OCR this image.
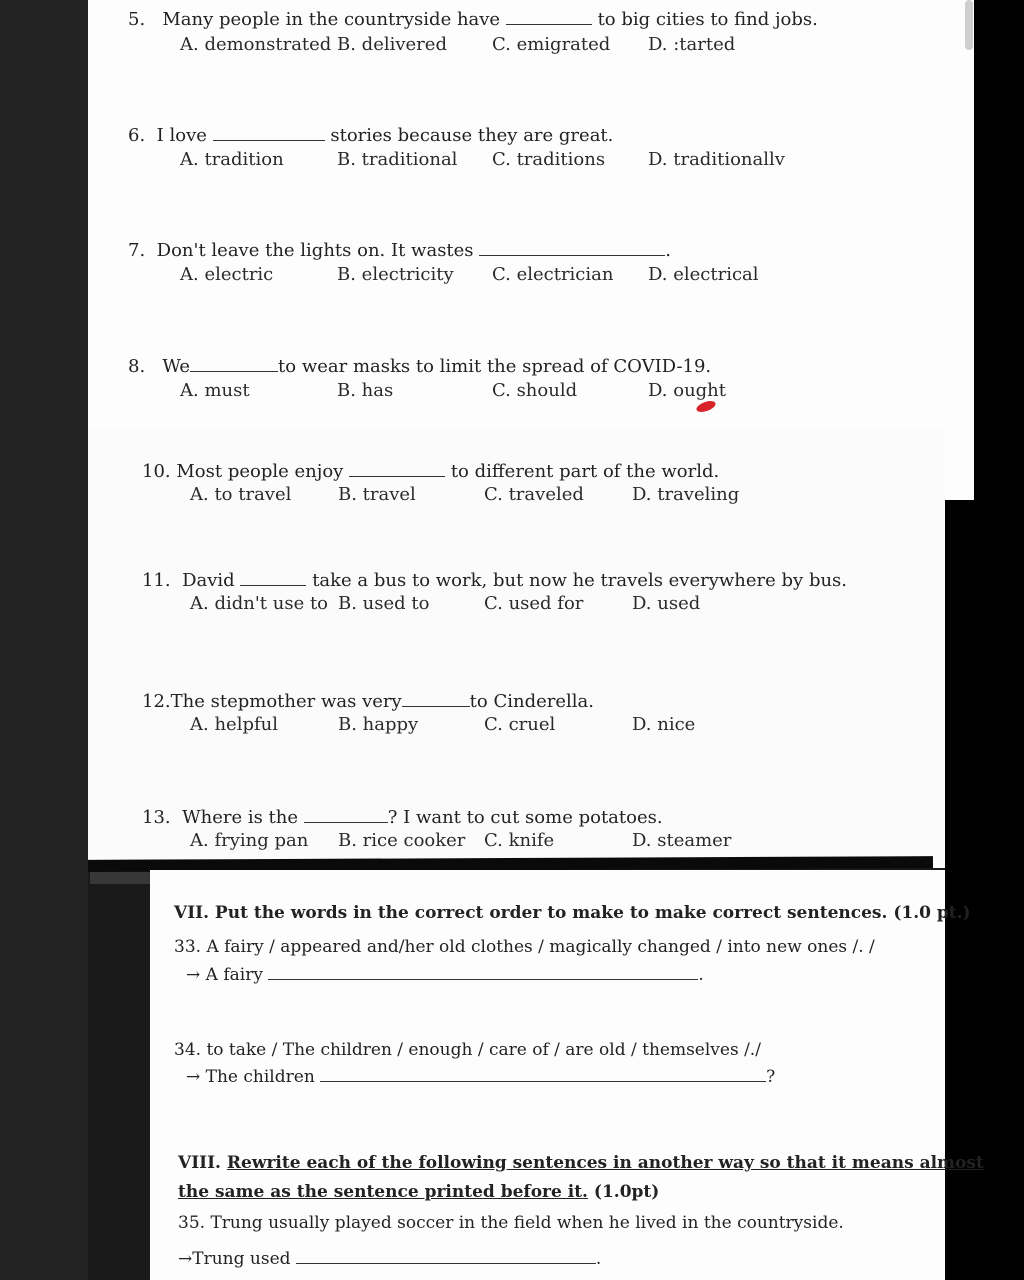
5. Many people in the countryside have	to big cities to find jobs.
A. demonstrated B. delivered	C. emigrated D. :tarted
6. I love	stories because they are great.
A. tradition	B. traditional C. traditions D. traditionallv
7. Don't leave the lights on. It wastes	.
A. electric	B. electricity C. electrician D. electrical
8. We	to wear masks to limit the spread of COVID-19.
A. must	B. has	C. should	D. ought
10. Most people enjoy	to different part of the world.
A. to travel	B. travel	C. traveled	D. traveling
11. David	take a bus to work, but now he travels everywhere by bus.
A. didn't use to B. used to	C. used for	D. used
12.The stepmother was very	to Cinderella.
A. helpful	B. happy	C. cruel	D. nice
13. Where is the	? I want to cut some potatoes.
A. frying pan B. rice cooker C. knife	D. steamer
VII. Put the words in the correct order to make to make correct sentences. (1.0 pt.)
33. A fairy / appeared and/her old clothes / magically changed / into new ones /. /
→ A fairy	.
34. to take / The children / enough / care of / are old / themselves /./
→ The children	?
VIII. Rewrite each of the following sentences in another way so that it means almost
the same as the sentence printed before it. (1.0pt)
35. Trung usually played soccer in the field when he lived in the countryside.
→Trung used	.
